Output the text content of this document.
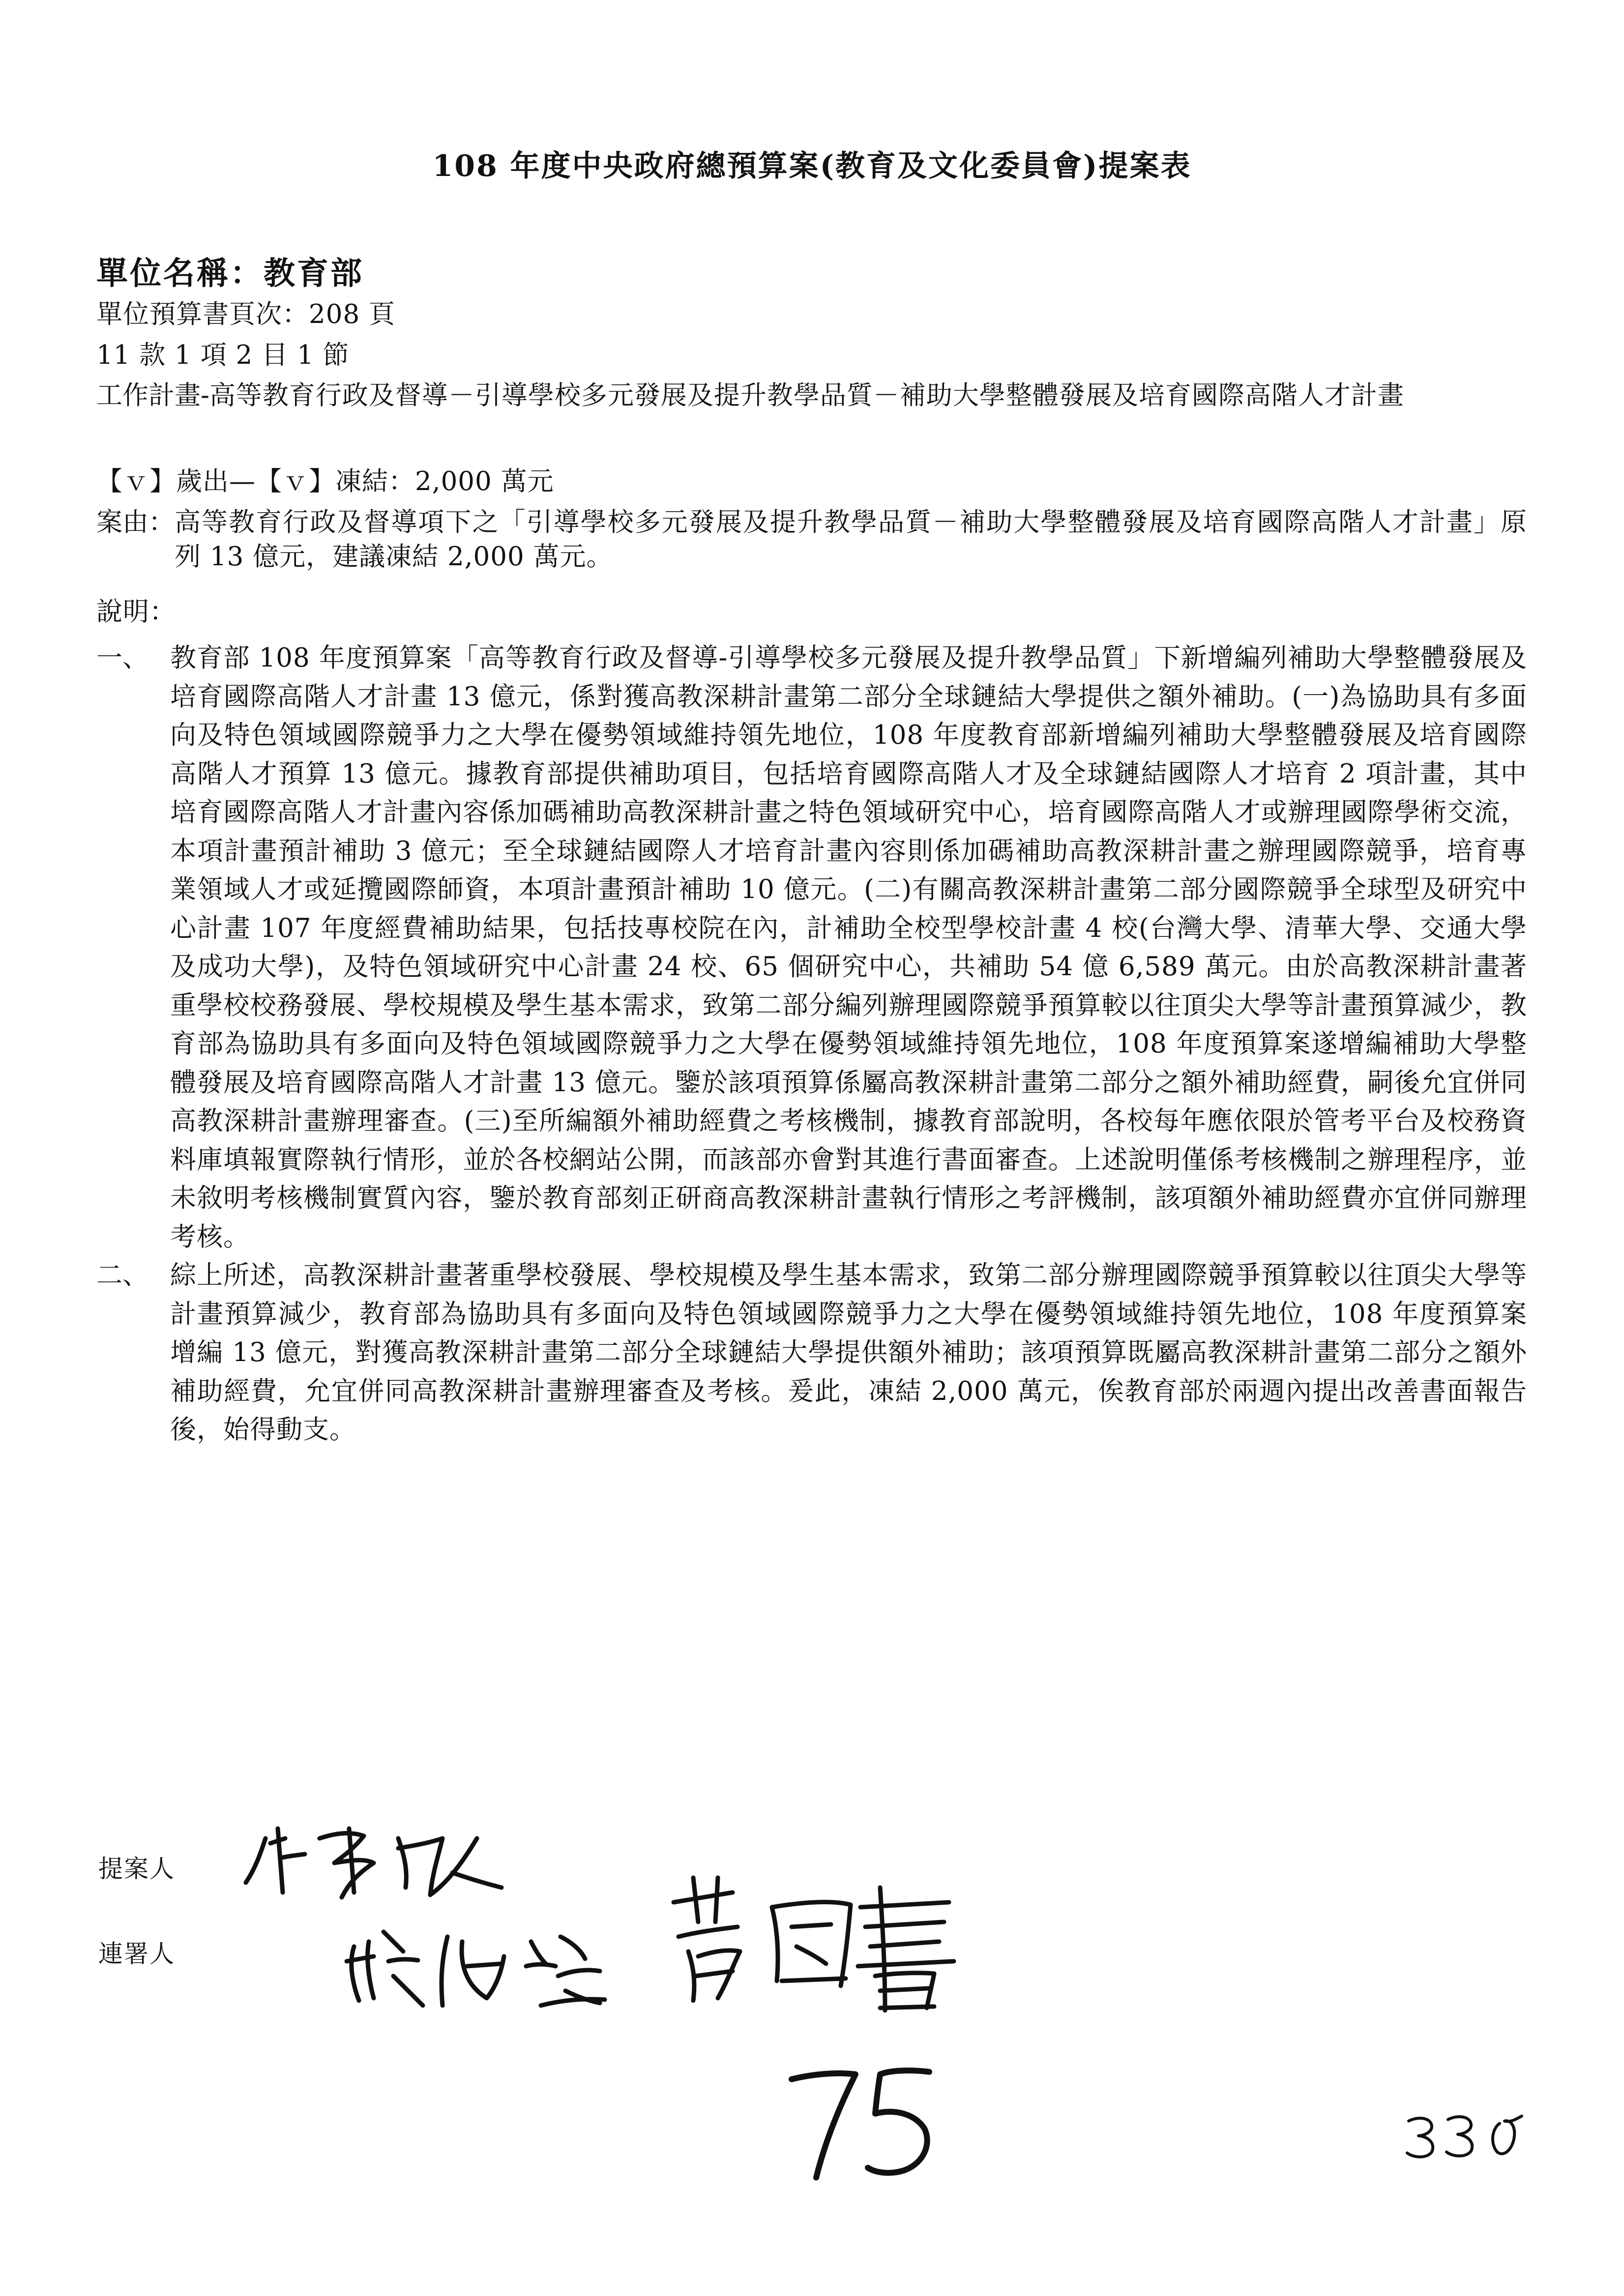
108 年度中央政府總預算案(教育及文化委員會)提案表
單位名稱：教育部
單位預算書頁次：208 頁
11 款 1 項 2 目 1 節
工作計畫- 高等教育行政及督導－引導學校多元發展及提升教學品質－補助大學整體發展及培育國際高階人才計畫
【ｖ】歲出—【ｖ】凍結：2,000 萬元
案由： 高等教育行政及督導項下之「引導學校多元發展及提升教學品質－補助大學整體發展及培育國際高階人才計畫」原列 13 億元，建議凍結 2,000 萬元。
說明：
一、 教育部 108 年度預算案「高等教育行政及督導-引導學校多元發展及提升教學品質」下新增編列補助大學整體發展及培育國際高階人才計畫 13 億元，係對獲高教深耕計畫第二部分全球鏈結大學提供之額外補助。(一)為協助具有多面向及特色領域國際競爭力之大學在優勢領域維持領先地位，108 年度教育部新增編列補助大學整體發展及培育國際高階人才預算 13 億元。據教育部提供補助項目，包括培育國際高階人才及全球鏈結國際人才培育 2 項計畫，其中培育國際高階人才計畫內容係加碼補助高教深耕計畫之特色領域研究中心，培育國際高階人才或辦理國際學術交流，本項計畫預計補助 3 億元；至全球鏈結國際人才培育計畫內容則係加碼補助高教深耕計畫之辦理國際競爭，培育專業領域人才或延攬國際師資，本項計畫預計補助 10 億元。(二)有關高教深耕計畫第二部分國際競爭全球型及研究中心計畫 107 年度經費補助結果，包括技專校院在內，計補助全校型學校計畫 4 校(台灣大學、清華大學、交通大學及成功大學)，及特色領域研究中心計畫 24 校、65 個研究中心，共補助 54 億 6,589 萬元。由於高教深耕計畫著重學校校務發展、學校規模及學生基本需求，致第二部分編列辦理國際競爭預算較以往頂尖大學等計畫預算減少，教育部為協助具有多面向及特色領域國際競爭力之大學在優勢領域維持領先地位，108 年度預算案遂增編補助大學整體發展及培育國際高階人才計畫 13 億元。鑒於該項預算係屬高教深耕計畫第二部分之額外補助經費，嗣後允宜併同高教深耕計畫辦理審查。(三)至所編額外補助經費之考核機制，據教育部說明，各校每年應依限於管考平台及校務資料庫填報實際執行情形，並於各校網站公開，而該部亦會對其進行書面審查。上述說明僅係考核機制之辦理程序，並未敘明考核機制實質內容，鑒於教育部刻正研商高教深耕計畫執行情形之考評機制，該項額外補助經費亦宜併同辦理考核。
二、 綜上所述，高教深耕計畫著重學校發展、學校規模及學生基本需求，致第二部分辦理國際競爭預算較以往頂尖大學等計畫預算減少，教育部為協助具有多面向及特色領域國際競爭力之大學在優勢領域維持領先地位，108 年度預算案增編 13 億元，對獲高教深耕計畫第二部分全球鏈結大學提供額外補助；該項預算既屬高教深耕計畫第二部分之額外補助經費，允宜併同高教深耕計畫辦理審查及考核。爰此，凍結 2,000 萬元，俟教育部於兩週內提出改善書面報告後，始得動支。
提案人
連署人
